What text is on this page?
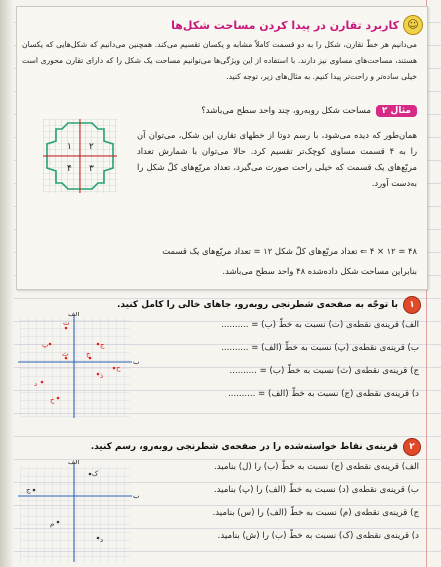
☺
کاربرد تقارن در پیدا کردن مساحت شکل‌ها
می‌دانیم هر خطّ تقارن، شکل را به دو قسمت کاملاً مشابه و یکسان تقسیم می‌کند. همچنین می‌دانیم که شکل‌هایی که یکسان هستند، مساحت‌های مساوی نیز دارند. با استفاده از این ویژگی‌ها می‌توانیم مساحت یک شکل را که دارای تقارن محوری است خیلی ساده‌تر و راحت‌تر پیدا کنیم. به مثال‌های زیر، توجه کنید.
مثال ۲
مساحت شکل روبه‌رو، چند واحد سطح می‌باشد؟
۱ ۲
۳
۴
همان‌طور که دیده می‌شود، با رسم دوتا از خطهای تقارن این شکل، می‌توان آن را به ۴ قسمت مساوی کوچک‌تر تقسیم کرد. حالا می‌توان با شمارش تعداد مربّع‌های یک قسمت که خیلی راحت صورت می‌گیرد، تعداد مربّع‌های کلّ شکل را به‌دست آورد.
۴۸ = ۱۲ × ۴ ⇐ تعداد مربّع‌های کلّ شکل ۱۲ = تعداد مربّع‌های یک قسمت
بنابراین مساحت شکل داده‌شده ۴۸ واحد سطح می‌باشد.
۱
با توجّه به صفحه‌ی شطرنجی روبه‌رو، جاهای خالی را کامل کنید.
الف) قرینه‌ی نقطه‌ی (ت) نسبت به خطّ (ب) = ..........
ب) قرینه‌ی نقطه‌ی (پ) نسبت به خطّ (الف) = ..........
ج) قرینه‌ی نقطه‌ی (ث) نسبت به خطّ (ب) = ..........
د) قرینه‌ی نقطه‌ی (ج) نسبت به خطّ (الف) = ..........
الف
ب
ت
پ	ج
ث ج
ذ
ح
د
خ
۲
قرینه‌ی نقاط خواسته‌شده را در صفحه‌ی شطرنجی روبه‌رو، رسم کنید.
الف) قرینه‌ی نقطه‌ی (ج) نسبت به خطّ (ب) را (ل) بنامید.
ب) قرینه‌ی نقطه‌ی (د) نسبت به خطّ (الف) را (پ) بنامید.
ج) قرینه‌ی نقطه‌ی (م) نسبت به خطّ (الف) را (س) بنامید.
د) قرینه‌ی نقطه‌ی (ک) نسبت به خطّ (ب) را (ش) بنامید.
الف
ب
ک
ج
م
د
